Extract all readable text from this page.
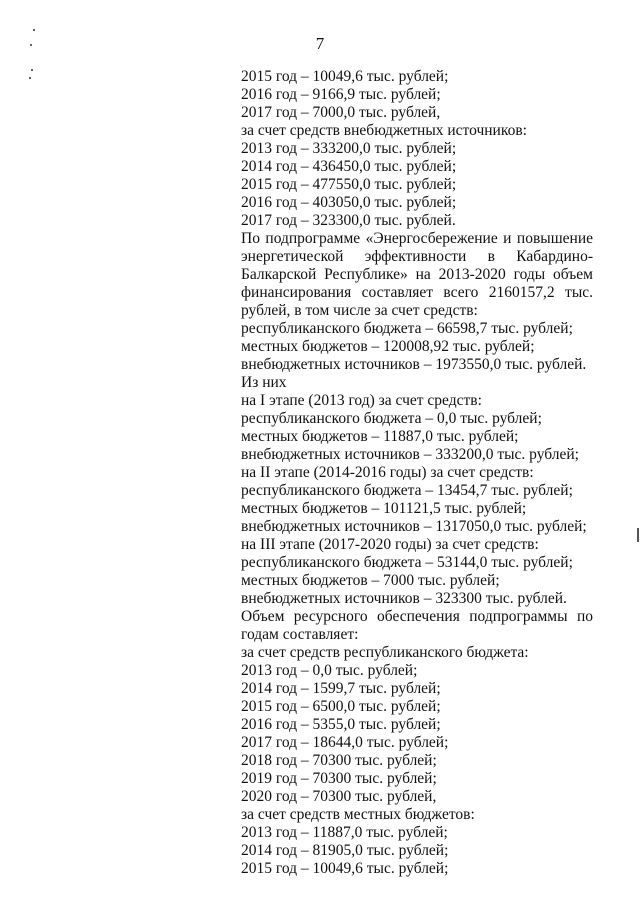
7
2015 год – 10049,6 тыс. рублей;
2016 год – 9166,9 тыс. рублей;
2017 год – 7000,0 тыс. рублей,
за счет средств внебюджетных источников:
2013 год – 333200,0 тыс. рублей;
2014 год – 436450,0 тыс. рублей;
2015 год – 477550,0 тыс. рублей;
2016 год – 403050,0 тыс. рублей;
2017 год – 323300,0 тыс. рублей.
По подпрограмме «Энергосбережение и повышение
энергетической эффективности в Кабардино-
Балкарской Республике» на 2013-2020 годы объем
финансирования составляет всего 2160157,2 тыс.
рублей, в том числе за счет средств:
республиканского бюджета – 66598,7 тыс. рублей;
местных бюджетов – 120008,92 тыс. рублей;
внебюджетных источников – 1973550,0 тыс. рублей.
Из них
на I этапе (2013 год) за счет средств:
республиканского бюджета – 0,0 тыс. рублей;
местных бюджетов – 11887,0 тыс. рублей;
внебюджетных источников – 333200,0 тыс. рублей;
на II этапе (2014-2016 годы) за счет средств:
республиканского бюджета – 13454,7 тыс. рублей;
местных бюджетов – 101121,5 тыс. рублей;
внебюджетных источников – 1317050,0 тыс. рублей;
на III этапе (2017-2020 годы) за счет средств:
республиканского бюджета – 53144,0 тыс. рублей;
местных бюджетов – 7000 тыс. рублей;
внебюджетных источников – 323300 тыс. рублей.
Объем ресурсного обеспечения подпрограммы по
годам составляет:
за счет средств республиканского бюджета:
2013 год – 0,0 тыс. рублей;
2014 год – 1599,7 тыс. рублей;
2015 год – 6500,0 тыс. рублей;
2016 год – 5355,0 тыс. рублей;
2017 год – 18644,0 тыс. рублей;
2018 год – 70300 тыс. рублей;
2019 год – 70300 тыс. рублей;
2020 год – 70300 тыс. рублей,
за счет средств местных бюджетов:
2013 год – 11887,0 тыс. рублей;
2014 год – 81905,0 тыс. рублей;
2015 год – 10049,6 тыс. рублей;
